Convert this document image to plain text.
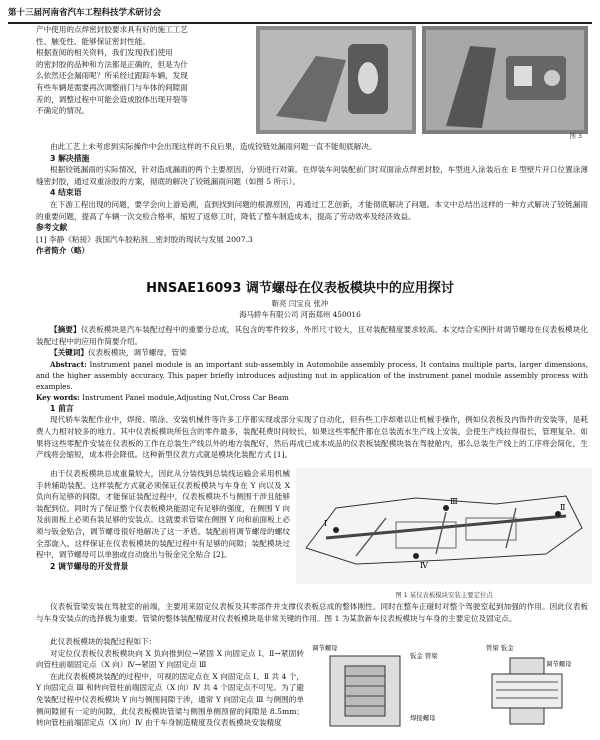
第十三届河南省汽车工程科技学术研讨会

产中使用的点焊密封胶要求具有好的施工工艺

性、触变性、能够保证密封性能。

根据查阅的相关资料，我们发现我们使用

的密封胶的品种和方法都是正确的，但是为什

么依然还会漏雨呢？所采经过跟踪车辆，发现

有些车辆是需要再次调整前门与车体的间隙面

差的，调整过程中可能会造成胶体出现开裂等

不确定的情况。

图 3

由此工艺上未考虑到实际操作中会出现这样的不良后果，造成铰链处漏雨问题一直不能彻底解决。

3 解决措施

根据铰链漏雨的实际情况，针对造成漏雨的两个主要原因，分别进行对策。在焊装车间装配前门时双面涂点焊密封胶，车型进入涂装后在 E 型壁片开口位置涂薄缝密封胶，通过双重涂胶的方案，彻底的解决了铰链漏雨问题（如图 5 所示）。

4 结束语

在下游工程出现的问题，要学会向上游追溯，直到找到问题的根源原因，再通过工艺创新，才能彻底解决了问题。本文中总结出这样的一种方式解决了铰链漏雨的重要问题，提高了车辆一次交检合格率，缩短了返修工时，降低了整车制造成本，提高了劳动效率及经济效益。

参考文献

[1] 李静《粘接》我国汽车胶粘剂＿密封胶的现状与发展 2007.3

作者简介（略）

HNSAE16093 调节螺母在仪表板模块中的应用探讨
靳亮 闫宝良 张冲
海马轿车有限公司 河南郑州 450016

【摘要】仪表板模块是汽车装配过程中的重要分总成，其包含的零件较多，外形尺寸较大，且对装配精度要求较高。本文结合实例针对调节螺母在仪表板模块化装配过程中的应用作简要介绍。

【关键词】仪表板模块，调节螺母，管梁

Abstract: Instrument panel module is an important sub-assembly in Automobile assembly process, It contains multiple parts, larger dimensions, and the higher assembly accuracy. This paper briefly introduces adjusting nut in application of the instrument panel module assembly process with examples.

Key words: Instrument Panel module,Adjusting Nut,Cross Car Beam

1 前言

现代轿车装配作业中，焊接、喷涂、安装机械件等许多工序都实现或部分实现了自动化，但有些工序却难以让机械手操作，例如仪表板及内饰件的安装等，是耗费人力相对较多的地方。其中仪表板模块所包含的零件最多，装配耗费时间较长，如果这些零配件都在总装流水生产线上安装，会使生产线拉得很长，管理复杂。如果将这些零配件安装在仪表板的工作在总装生产线以外的地方装配好，然后再成已成本成品的仪表板装配模块装在驾驶舱内，那么总装生产线上的工序将会简化，生产线将会缩短，成本将会降低。这种新型仪表方式就是模块化装配方式 [1]。

由于仪表板模块总成重量较大，因此从分装线到总装线运输会采用机械手转辅助装配。这样装配方式就必须保证仪表板模块与车身在 Y 向以及 X 负向有足够的间隙，才能保证装配过程中，仪表板模块不与侧围干涉且能够装配到位。同时为了保证整个仪表板模块能固定有足够的强度，在侧围 Y 向及前面板上必须有装足够的安装点。这就要求管梁在侧围 Y 向和前面板上必须与钣金贴合，调节螺母很好地解决了这一矛盾。装配前将调节螺母的螺纹全部旋入，这样保证在仪表板模块的装配过程中有足够的间隙；装配模块过程中，调节螺母可以单独或自动旋出与钣金完全贴合 [2]。

2 调节螺母的开发背景
Ⅰ
Ⅱ
Ⅲ
Ⅳ
图 1 某仪表板模块安装主要定位点

仪表板管梁安装在驾驶室的前端，主要用来固定仪表板及其零部件并支撑仪表板总成的整体刚性。同时在整车正碰时对整个驾驶室起到加强的作用。因此仪表板与车身安装点的选择极为重要。管梁的整体装配精度对仪表板模块是非常关键的作用。图 1 为某款新车仪表板模块与车身的主要定位及固定点。

此仪表板模块的装配过程如下：

对定位仪表板仪表板模块向 X 负向推到位→紧固 X 向固定点 Ⅰ、Ⅱ→紧固转向管柱前端固定点（X 向）Ⅳ→紧固 Y 向固定点 Ⅲ

在此仪表板模块装配的过程中，可视的固定点在 X 向固定点 Ⅰ、Ⅱ 共 4 个，Y 向固定点 Ⅲ 和转向管柱前端固定点（X 向）Ⅳ 共 4 个固定点不可见。为了避免装配过程中仪表板模块 Y 向与侧围间隙干涉，通常 Y 向固定点 Ⅲ 与侧围的单侧间隙留有一定的间隙，此仪表板模块管梁与侧围单侧预留的间隙是 8.5mm；转向管柱前端固定点（X 向）Ⅳ 由于车身制造精度及仪表板模块安装精度

调节螺母
钣金 管梁
焊接螺母
管梁 钣金
调节螺母
